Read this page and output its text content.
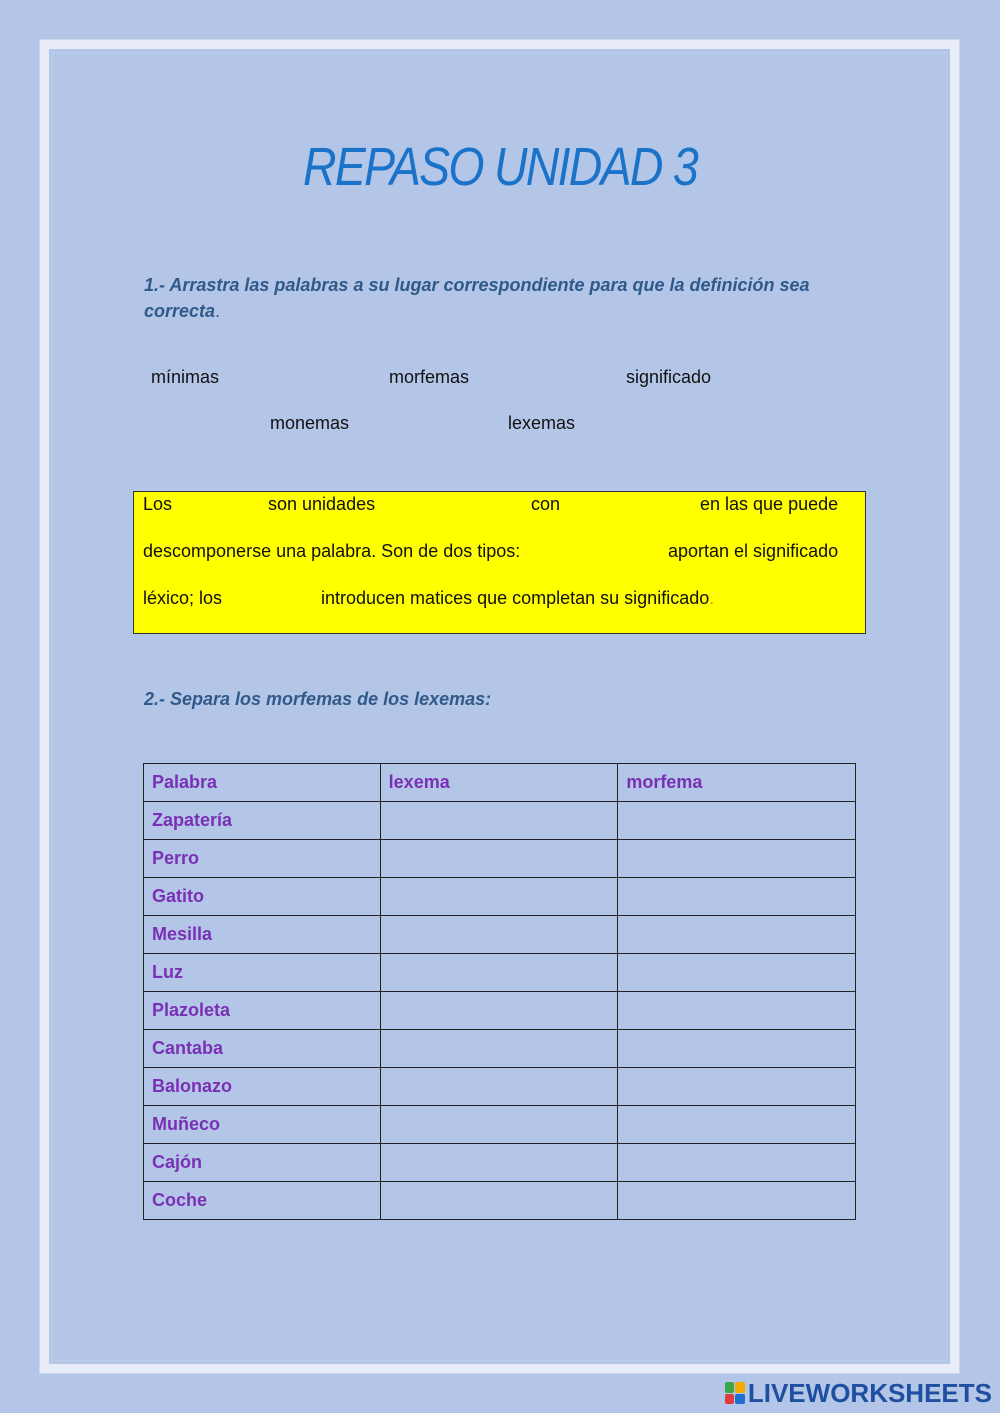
REPASO UNIDAD 3
1.- Arrastra las palabras a su lugar correspondiente para que la definición sea correcta.
mínimas	morfemas	significado
monemas	lexemas
Los	son unidades	con	en las que puede
descomponerse una palabra. Son de dos tipos:	aportan el significado
léxico; los	introducen matices que completan su significado.
2.- Separa los morfemas de los lexemas:
Palabra	lexema	morfema
Zapatería		
Perro		
Gatito		
Mesilla		
Luz		
Plazoleta		
Cantaba		
Balonazo		
Muñeco		
Cajón		
Coche		
LIVEWORKSHEETS
